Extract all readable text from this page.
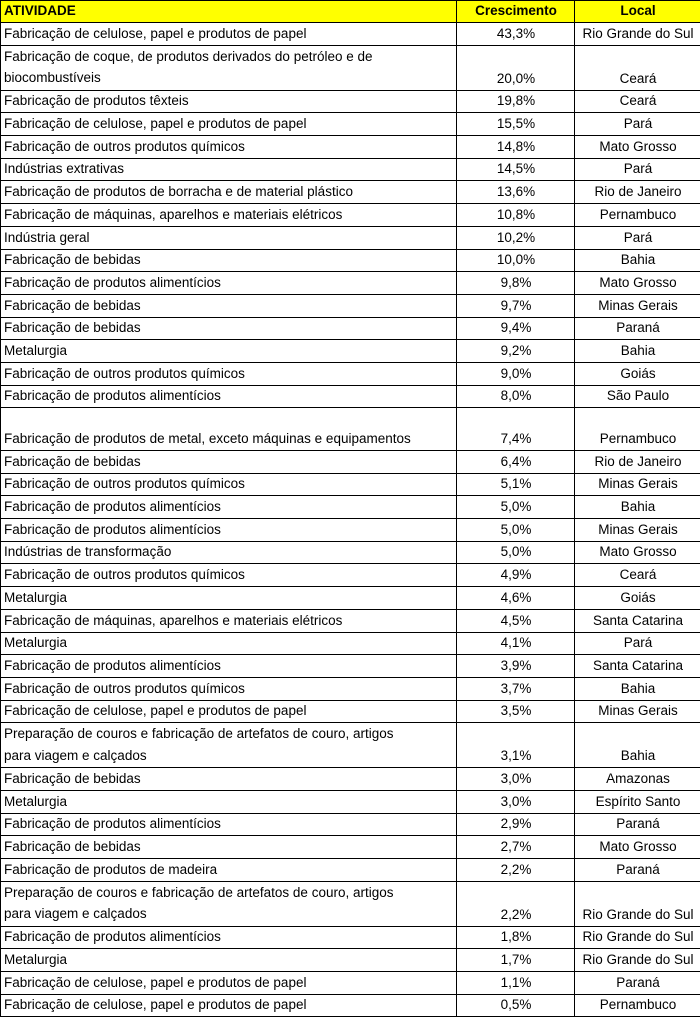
ATIVIDADE	Crescimento	Local
Fabricação de celulose, papel e produtos de papel	43,3%	Rio Grande do Sul

Fabricação de coque, de produtos derivados do petróleo e de
biocombustíveis	20,0%	Ceará
Fabricação de produtos têxteis	19,8%	Ceará
Fabricação de celulose, papel e produtos de papel	15,5%	Pará
Fabricação de outros produtos químicos	14,8%	Mato Grosso
Indústrias extrativas	14,5%	Pará
Fabricação de produtos de borracha e de material plástico	13,6%	Rio de Janeiro
Fabricação de máquinas, aparelhos e materiais elétricos	10,8%	Pernambuco
Indústria geral	10,2%	Pará
Fabricação de bebidas	10,0%	Bahia
Fabricação de produtos alimentícios	9,8%	Mato Grosso
Fabricação de bebidas	9,7%	Minas Gerais
Fabricação de bebidas	9,4%	Paraná
Metalurgia	9,2%	Bahia
Fabricação de outros produtos químicos	9,0%	Goiás
Fabricação de produtos alimentícios	8,0%	São Paulo
Fabricação de produtos de metal, exceto máquinas e equipamentos	7,4%	Pernambuco
Fabricação de bebidas	6,4%	Rio de Janeiro
Fabricação de outros produtos químicos	5,1%	Minas Gerais
Fabricação de produtos alimentícios	5,0%	Bahia
Fabricação de produtos alimentícios	5,0%	Minas Gerais
Indústrias de transformação	5,0%	Mato Grosso
Fabricação de outros produtos químicos	4,9%	Ceará
Metalurgia	4,6%	Goiás
Fabricação de máquinas, aparelhos e materiais elétricos	4,5%	Santa Catarina
Metalurgia	4,1%	Pará
Fabricação de produtos alimentícios	3,9%	Santa Catarina
Fabricação de outros produtos químicos	3,7%	Bahia
Fabricação de celulose, papel e produtos de papel	3,5%	Minas Gerais

Preparação de couros e fabricação de artefatos de couro, artigos
para viagem e calçados	3,1%	Bahia
Fabricação de bebidas	3,0%	Amazonas
Metalurgia	3,0%	Espírito Santo
Fabricação de produtos alimentícios	2,9%	Paraná
Fabricação de bebidas	2,7%	Mato Grosso
Fabricação de produtos de madeira	2,2%	Paraná

Preparação de couros e fabricação de artefatos de couro, artigos
para viagem e calçados	2,2%	Rio Grande do Sul
Fabricação de produtos alimentícios	1,8%	Rio Grande do Sul
Metalurgia	1,7%	Rio Grande do Sul
Fabricação de celulose, papel e produtos de papel	1,1%	Paraná
Fabricação de celulose, papel e produtos de papel	0,5%	Pernambuco
